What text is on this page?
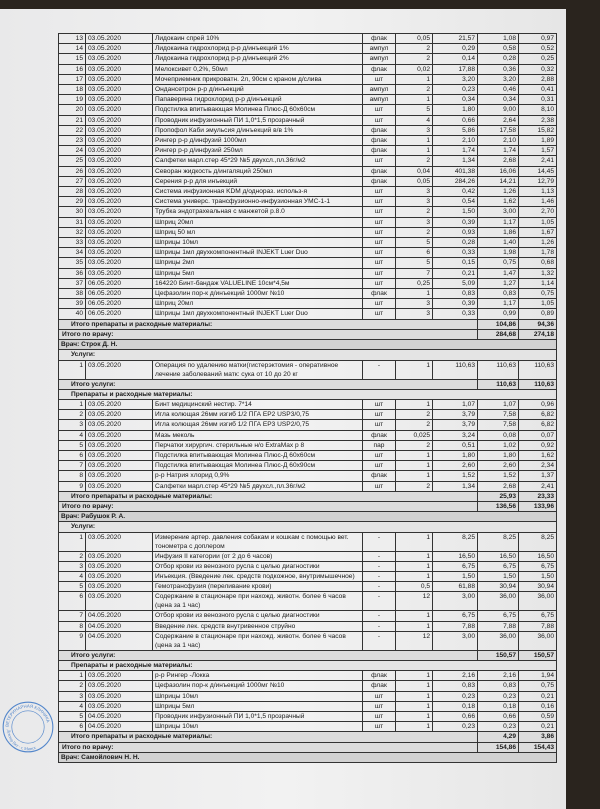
13	03.05.2020	Лидокаин спрей 10%	флак	0,05	21,57	1,08	0,97
14	03.05.2020	Лидокаина гидрохлорид р-р д/инъекций 1%	ампул	2	0,29	0,58	0,52
15	03.05.2020	Лидокаина гидрохлорид р-р д/инъекций 2%	ампул	2	0,14	0,28	0,25
16	03.05.2020	Мелоксивет 0,2%, 50мл	флак	0,02	17,88	0,36	0,32
17	03.05.2020	Мочеприемник прикроватн. 2л, 90см с краном д/слива	шт	1	3,20	3,20	2,88
18	03.05.2020	Ондансетрон р-р д/инъекций	ампул	2	0,23	0,46	0,41
19	03.05.2020	Папаверина гидрохлорид р-р д/инъекций	ампул	1	0,34	0,34	0,31
20	03.05.2020	Подстилка впитывающая Молинеа Плюс-Д 60х60см	шт	5	1,80	9,00	8,10
21	03.05.2020	Проводник инфузионный ПИ 1,0*1,5 прозрачный	шт	4	0,66	2,64	2,38
22	03.05.2020	Пропофол Каби эмульсия д/инъекций в/в 1%	флак	3	5,86	17,58	15,82
23	03.05.2020	Рингер р-р д/инфузий 1000мл	флак	1	2,10	2,10	1,89
24	03.05.2020	Рингер р-р д/инфузий 250мл	флак	1	1,74	1,74	1,57
25	03.05.2020	Салфетки марл.стер 45*29 №5 двухсл.,пл.36г/м2	шт	2	1,34	2,68	2,41
26	03.05.2020	Севоран жидкость д/ингаляций 250мл	флак	0,04	401,38	16,06	14,45
27	03.05.2020	Серения р-р для инъекций	флак	0,05	284,26	14,21	12,79
28	03.05.2020	Система инфузионная KDM д/однораз. использ-я	шт	3	0,42	1,26	1,13
29	03.05.2020	Система универс. трансфузионно-инфузионная УМС-1-1	шт	3	0,54	1,62	1,46
30	03.05.2020	Трубка эндотрахеальная с манжетой р.8.0	шт	2	1,50	3,00	2,70
31	03.05.2020	Шприц 20мл	шт	3	0,39	1,17	1,05
32	03.05.2020	Шприц 50 мл	шт	2	0,93	1,86	1,67
33	03.05.2020	Шприцы 10мл	шт	5	0,28	1,40	1,26
34	03.05.2020	Шприцы 1мл двухкомпонентный INJEKT Luer Duo	шт	6	0,33	1,98	1,78
35	03.05.2020	Шприцы 2мл	шт	5	0,15	0,75	0,68
36	03.05.2020	Шприцы 5мл	шт	7	0,21	1,47	1,32
37	06.05.2020	164220 Бинт-бандаж VALUELINE 10см*4,5м	шт	0,25	5,09	1,27	1,14
38	06.05.2020	Цефазолин пор-к д/инъекций 1000мг №10	флак	1	0,83	0,83	0,75
39	06.05.2020	Шприц 20мл	шт	3	0,39	1,17	1,05
40	06.05.2020	Шприцы 1мл двухкомпонентный INJEKT Luer Duo	шт	3	0,33	0,99	0,89
Итого препараты и расходные материалы:						104,86	94,36
Итого по врачу:						284,68	274,18
Врач: Строк Д. Н.							
Услуги:							
1	03.05.2020	Операция по удалению матки(гистерэктомия - оперативное лечение заболеваний матк: сука от 10 до 20 кг	-	1	110,63	110,63	110,63
Итого услуги:						110,63	110,63
Препараты и расходные материалы:							
1	03.05.2020	Бинт медицинский нестир. 7*14	шт	1	1,07	1,07	0,96
2	03.05.2020	Игла колющая 26мм изгиб 1/2 ПГА ЕР2 USP3/0,75	шт	2	3,79	7,58	6,82
3	03.05.2020	Игла колющая 26мм изгиб 1/2 ПГА ЕР3 USP2/0,75	шт	2	3,79	7,58	6,82
4	03.05.2020	Мазь меколь	флак	0,025	3,24	0,08	0,07
5	03.05.2020	Перчатки хирургич. стерильные н/о ExtraMax р 8	пар	2	0,51	1,02	0,92
6	03.05.2020	Подстилка впитывающая Молинеа Плюс-Д 60х60см	шт	1	1,80	1,80	1,62
7	03.05.2020	Подстилка впитывающая Молинеа Плюс-Д 60х90см	шт	1	2,60	2,60	2,34
8	03.05.2020	р-р Натрия хлорид 0,9%	флак	1	1,52	1,52	1,37
9	03.05.2020	Салфетки марл.стер 45*29 №5 двухсл.,пл.36г/м2	шт	2	1,34	2,68	2,41
Итого препараты и расходные материалы:						25,93	23,33
Итого по врачу:						136,56	133,96
Врач: Рабушок Р. А.							
Услуги:							
1	03.05.2020	Измерение артер. давления собакам и кошкам с помощью вет. тонометра с доплером	-	1	8,25	8,25	8,25
2	03.05.2020	Инфузия II категории (от 2 до 6 часов)	-	1	16,50	16,50	16,50
3	03.05.2020	Отбор крови из венозного русла с целью диагностики	-	1	6,75	6,75	6,75
4	03.05.2020	Инъекция. (Введение лек. средств подкожное, внутримышечное)	-	1	1,50	1,50	1,50
5	03.05.2020	Гемотрансфузия (переливание крови)	-	0,5	61,88	30,94	30,94
6	03.05.2020	Содержание в стационаре при нахожд. животн. более 6 часов (цена за 1 час)	-	12	3,00	36,00	36,00
7	04.05.2020	Отбор крови из венозного русла с целью диагностики	-	1	6,75	6,75	6,75
8	04.05.2020	Введение лек. средств внутривенное струйно	-	1	7,88	7,88	7,88
9	04.05.2020	Содержание в стационаре при нахожд. животн. более 6 часов (цена за 1 час)	-	12	3,00	36,00	36,00
Итого услуги:						150,57	150,57
Препараты и расходные материалы:							
1	03.05.2020	р-р Рингер -Локка	флак	1	2,16	2,16	1,94
2	03.05.2020	Цефазолин пор-к д/инъекций 1000мг №10	флак	1	0,83	0,83	0,75
3	03.05.2020	Шприцы 10мл	шт	1	0,23	0,23	0,21
4	03.05.2020	Шприцы 5мл	шт	1	0,18	0,18	0,16
5	04.05.2020	Проводник инфузионный ПИ 1,0*1,5 прозрачный	шт	1	0,66	0,66	0,59
6	04.05.2020	Шприцы 10мл	шт	1	0,23	0,23	0,21
Итого препараты и расходные материалы:						4,29	3,86
Итого по врачу:						154,86	154,43
Врач: Самойлович Н. Н.							
ВЕТЕРИНАРНАЯ КЛИНИКА
Доктор Вет · г. Минск
